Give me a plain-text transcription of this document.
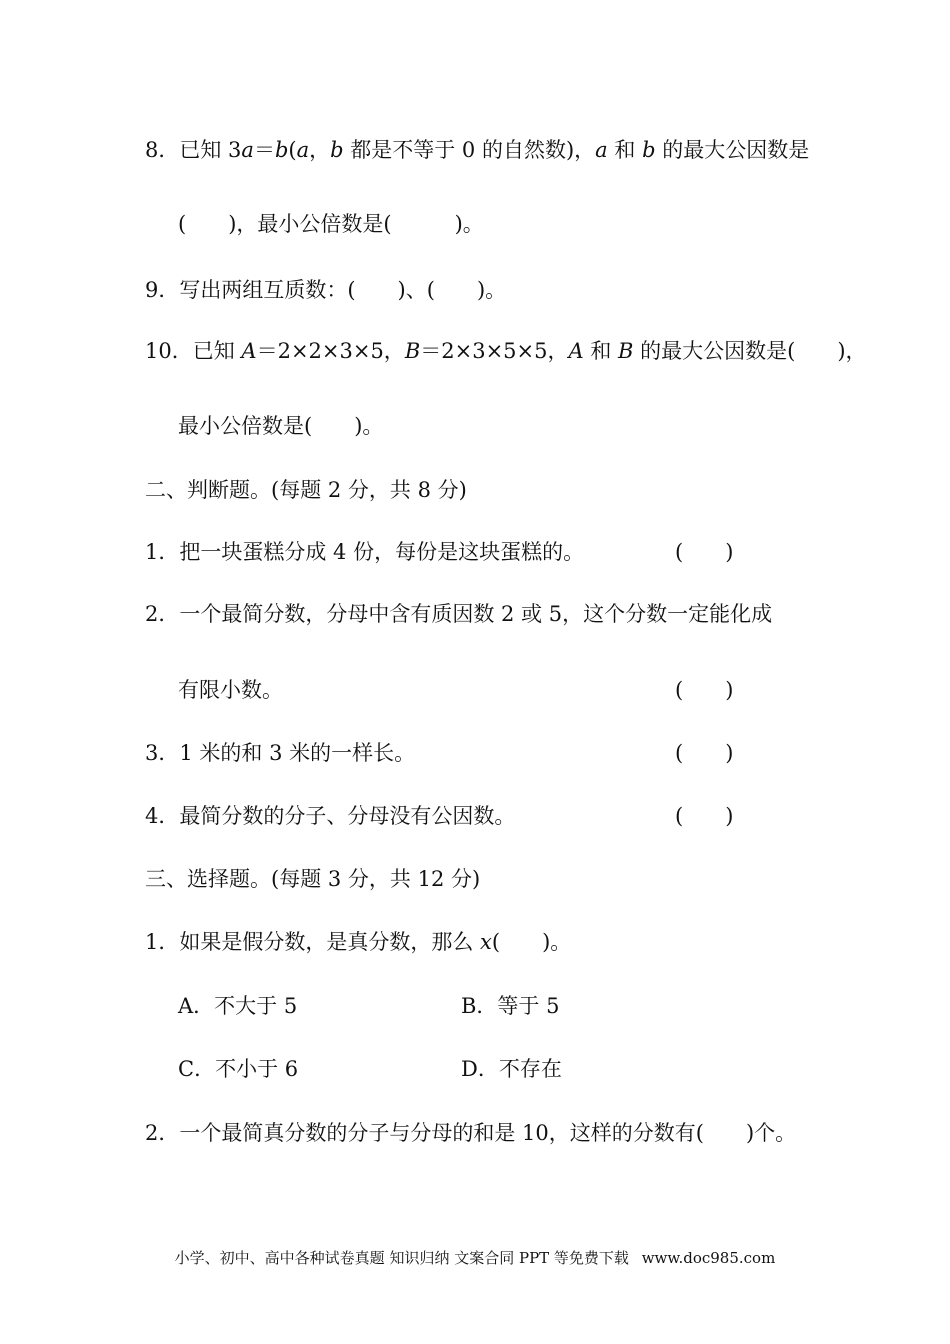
8．已知 3a＝b(a，b 都是不等于 0 的自然数)，a 和 b 的最大公因数是
(　　)，最小公倍数是(　　　)。
9．写出两组互质数：(　　)、(　　)。
10．已知 A＝2×2×3×5，B＝2×3×5×5，A 和 B 的最大公因数是(　　)，
最小公倍数是(　　)。
二、判断题。(每题 2 分，共 8 分)
1．把一块蛋糕分成 4 份，每份是这块蛋糕的。	(　　)
2．一个最简分数，分母中含有质因数 2 或 5，这个分数一定能化成
有限小数。	(　　)
3．1 米的和 3 米的一样长。	(　　)
4．最简分数的分子、分母没有公因数。	(　　)
三、选择题。(每题 3 分，共 12 分)
1．如果是假分数，是真分数，那么 x(　　)。
A．不大于 5	B．等于 5
C．不小于 6	D．不存在
2．一个最简真分数的分子与分母的和是 10，这样的分数有(　　)个。
小学、初中、高中各种试卷真题 知识归纳 文案合同 PPT 等免费下载 www.doc985.com
